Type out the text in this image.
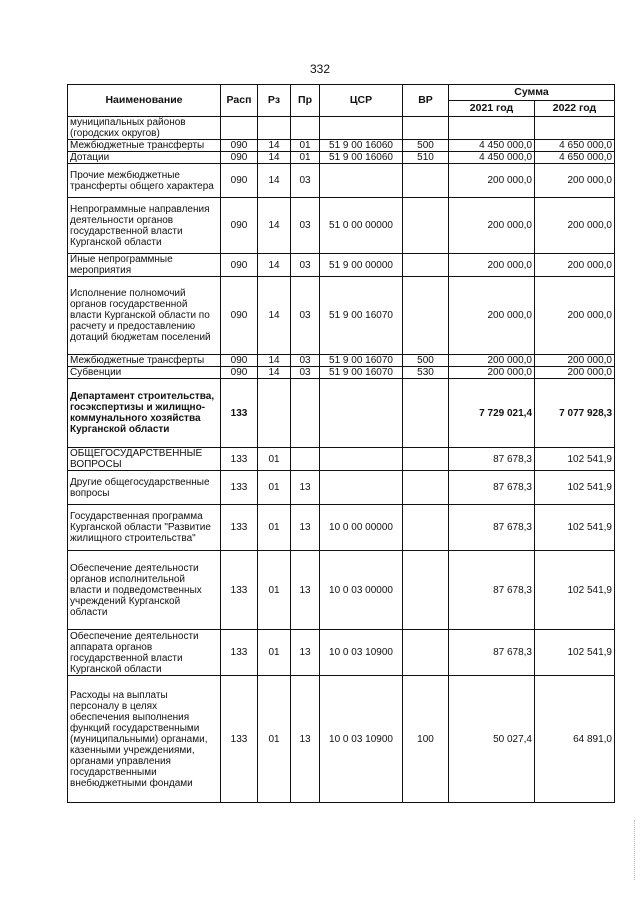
332
Наименование	Расп	Рз	Пр	ЦСР	ВР	Сумма	
						2021 год	2022 год
муниципальных районов (городских округов)							
Межбюджетные трансферты	090	14	01	51 9 00 16060	500	4 450 000,0	4 650 000,0
Дотации	090	14	01	51 9 00 16060	510	4 450 000,0	4 650 000,0
Прочие межбюджетные трансферты общего характера	090	14	03			200 000,0	200 000,0
Непрограммные направления деятельности органов государственной власти Курганской области	090	14	03	51 0 00 00000		200 000,0	200 000,0
Иные непрограммные мероприятия	090	14	03	51 9 00 00000		200 000,0	200 000,0
Исполнение полномочий органов государственной власти Курганской области по расчету и предоставлению дотаций бюджетам поселений	090	14	03	51 9 00 16070		200 000,0	200 000,0
Межбюджетные трансферты	090	14	03	51 9 00 16070	500	200 000,0	200 000,0
Субвенции	090	14	03	51 9 00 16070	530	200 000,0	200 000,0
Департамент строительства, госэкспертизы и жилищно-коммунального хозяйства Курганской области	133					7 729 021,4	7 077 928,3
ОБЩЕГОСУДАРСТВЕННЫЕ ВОПРОСЫ	133	01				87 678,3	102 541,9
Другие общегосударственные вопросы	133	01	13			87 678,3	102 541,9
Государственная программа Курганской области "Развитие жилищного строительства"	133	01	13	10 0 00 00000		87 678,3	102 541,9
Обеспечение деятельности органов исполнительной власти и подведомственных учреждений Курганской области	133	01	13	10 0 03 00000		87 678,3	102 541,9
Обеспечение деятельности аппарата органов государственной власти Курганской области	133	01	13	10 0 03 10900		87 678,3	102 541,9
Расходы на выплаты персоналу в целях обеспечения выполнения функций государственными (муниципальными) органами, казенными учреждениями, органами управления государственными внебюджетными фондами	133	01	13	10 0 03 10900	100	50 027,4	64 891,0
